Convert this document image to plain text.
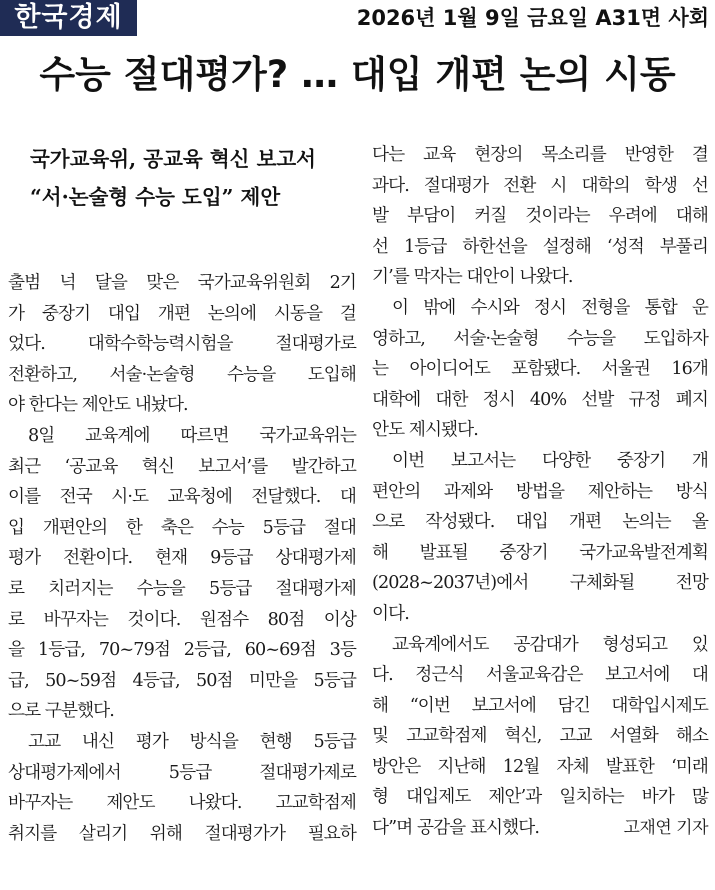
한국경제	2026년 1월 9일 금요일 A31면 사회
수능 절대평가? … 대입 개편 논의 시동
국가교육위, 공교육 혁신 보고서
“서·논술형 수능 도입” 제안

출범 넉 달을 맞은 국가교육위원회 2기
가 중장기 대입 개편 논의에 시동을 걸
었다. 대학수학능력시험을 절대평가로
전환하고, 서술·논술형 수능을 도입해
야 한다는 제안도 내놨다.

8일 교육계에 따르면 국가교육위는
최근 ‘공교육 혁신 보고서’를 발간하고
이를 전국 시·도 교육청에 전달했다. 대
입 개편안의 한 축은 수능 5등급 절대
평가 전환이다. 현재 9등급 상대평가제
로 치러지는 수능을 5등급 절대평가제
로 바꾸자는 것이다. 원점수 80점 이상
을 1등급, 70~79점 2등급, 60~69점 3등
급, 50~59점 4등급, 50점 미만을 5등급
으로 구분했다.

고교 내신 평가 방식을 현행 5등급
상대평가제에서 5등급 절대평가제로
바꾸자는 제안도 나왔다. 고교학점제
취지를 살리기 위해 절대평가가 필요하

다는 교육 현장의 목소리를 반영한 결
과다. 절대평가 전환 시 대학의 학생 선
발 부담이 커질 것이라는 우려에 대해
선 1등급 하한선을 설정해 ‘성적 부풀리
기’를 막자는 대안이 나왔다.

이 밖에 수시와 정시 전형을 통합 운
영하고, 서술·논술형 수능을 도입하자
는 아이디어도 포함됐다. 서울권 16개
대학에 대한 정시 40% 선발 규정 폐지
안도 제시됐다.

이번 보고서는 다양한 중장기 개
편안의 과제와 방법을 제안하는 방식
으로 작성됐다. 대입 개편 논의는 올
해 발표될 중장기 국가교육발전계획
(2028~2037년)에서 구체화될 전망
이다.

교육계에서도 공감대가 형성되고 있
다. 정근식 서울교육감은 보고서에 대
해 “이번 보고서에 담긴 대학입시제도
및 고교학점제 혁신, 고교 서열화 해소
방안은 지난해 12월 자체 발표한 ‘미래
형 대입제도 제안’과 일치하는 바가 많
다”며 공감을 표시했다.	고재연 기자
